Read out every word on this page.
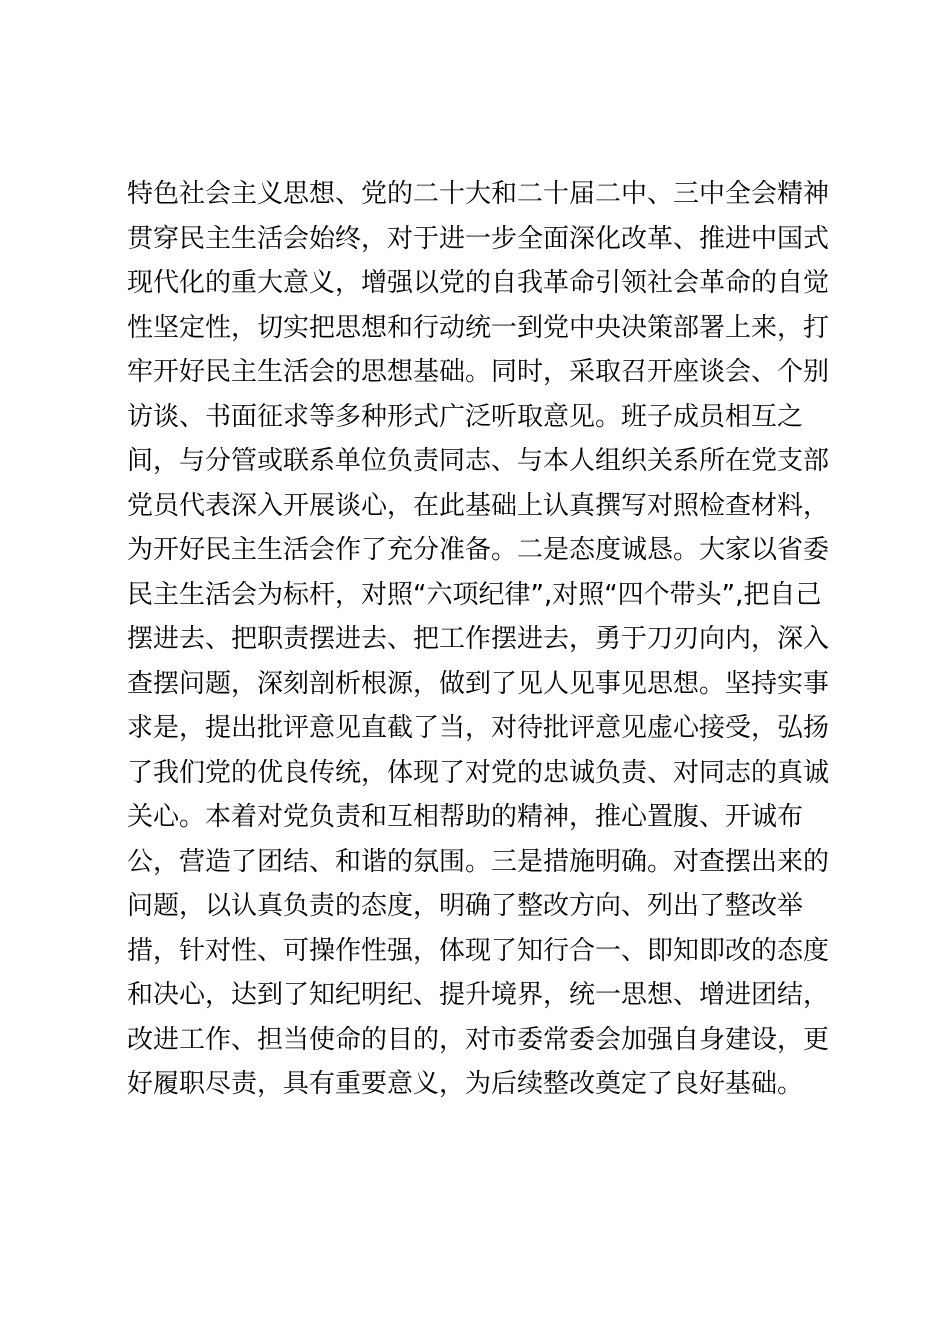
特色社会主义思想、党的二十大和二十届二中、三中全会精神
贯穿民主生活会始终，对于进一步全面深化改革、推进中国式
现代化的重大意义，增强以党的自我革命引领社会革命的自觉
性坚定性，切实把思想和行动统一到党中央决策部署上来，打
牢开好民主生活会的思想基础。同时，采取召开座谈会、个别
访谈、书面征求等多种形式广泛听取意见。班子成员相互之
间，与分管或联系单位负责同志、与本人组织关系所在党支部
党员代表深入开展谈心，在此基础上认真撰写对照检查材料，
为开好民主生活会作了充分准备。二是态度诚恳。大家以省委
民主生活会为标杆，对照“六项纪律”,对照“四个带头”,把自己
摆进去、把职责摆进去、把工作摆进去，勇于刀刃向内，深入
查摆问题，深刻剖析根源，做到了见人见事见思想。坚持实事
求是，提出批评意见直截了当，对待批评意见虚心接受，弘扬
了我们党的优良传统，体现了对党的忠诚负责、对同志的真诚
关心。本着对党负责和互相帮助的精神，推心置腹、开诚布
公，营造了团结、和谐的氛围。三是措施明确。对查摆出来的
问题，以认真负责的态度，明确了整改方向、列出了整改举
措，针对性、可操作性强，体现了知行合一、即知即改的态度
和决心，达到了知纪明纪、提升境界，统一思想、增进团结，
改进工作、担当使命的目的，对市委常委会加强自身建设，更
好履职尽责，具有重要意义，为后续整改奠定了良好基础。
